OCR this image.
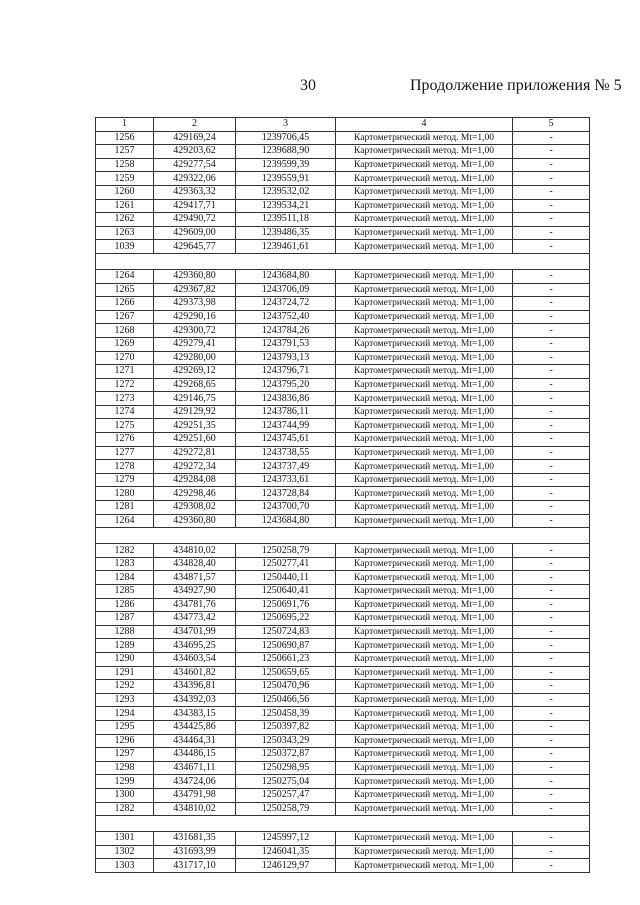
30	Продолжение приложения № 5
1	2	3	4	5
1256	429169,24	1239706,45	Картометрический метод. Mt=1,00	-
1257	429203,62	1239688,90	Картометрический метод. Mt=1,00	-
1258	429277,54	1239599,39	Картометрический метод. Mt=1,00	-
1259	429322,06	1239559,91	Картометрический метод. Mt=1,00	-
1260	429363,32	1239532,02	Картометрический метод. Mt=1,00	-
1261	429417,71	1239534,21	Картометрический метод. Mt=1,00	-
1262	429490,72	1239511,18	Картометрический метод. Mt=1,00	-
1263	429609,00	1239486,35	Картометрический метод. Mt=1,00	-
1039	429645,77	1239461,61	Картометрический метод. Mt=1,00	-

1264	429360,80	1243684,80	Картометрический метод. Mt=1,00	-
1265	429367,82	1243706,09	Картометрический метод. Mt=1,00	-
1266	429373,98	1243724,72	Картометрический метод. Mt=1,00	-
1267	429290,16	1243752,40	Картометрический метод. Mt=1,00	-
1268	429300,72	1243784,26	Картометрический метод. Mt=1,00	-
1269	429279,41	1243791,53	Картометрический метод. Mt=1,00	-
1270	429280,00	1243793,13	Картометрический метод. Mt=1,00	-
1271	429269,12	1243796,71	Картометрический метод. Mt=1,00	-
1272	429268,65	1243795,20	Картометрический метод. Mt=1,00	-
1273	429146,75	1243836,86	Картометрический метод. Mt=1,00	-
1274	429129,92	1243786,11	Картометрический метод. Mt=1,00	-
1275	429251,35	1243744,99	Картометрический метод. Mt=1,00	-
1276	429251,60	1243745,61	Картометрический метод. Mt=1,00	-
1277	429272,81	1243738,55	Картометрический метод. Mt=1,00	-
1278	429272,34	1243737,49	Картометрический метод. Mt=1,00	-
1279	429284,08	1243733,61	Картометрический метод. Mt=1,00	-
1280	429298,46	1243728,84	Картометрический метод. Mt=1,00	-
1281	429308,02	1243700,70	Картометрический метод. Mt=1,00	-
1264	429360,80	1243684,80	Картометрический метод. Mt=1,00	-

1282	434810,02	1250258,79	Картометрический метод. Mt=1,00	-
1283	434828,40	1250277,41	Картометрический метод. Mt=1,00	-
1284	434871,57	1250440,11	Картометрический метод. Mt=1,00	-
1285	434927,90	1250640,41	Картометрический метод. Mt=1,00	-
1286	434781,76	1250691,76	Картометрический метод. Mt=1,00	-
1287	434773,42	1250695,22	Картометрический метод. Mt=1,00	-
1288	434701,99	1250724,83	Картометрический метод. Mt=1,00	-
1289	434695,25	1250690,87	Картометрический метод. Mt=1,00	-
1290	434603,54	1250661,23	Картометрический метод. Mt=1,00	-
1291	434601,82	1250659,65	Картометрический метод. Mt=1,00	-
1292	434396,81	1250470,96	Картометрический метод. Mt=1,00	-
1293	434392,03	1250466,56	Картометрический метод. Mt=1,00	-
1294	434383,15	1250458,39	Картометрический метод. Mt=1,00	-
1295	434425,86	1250397,82	Картометрический метод. Mt=1,00	-
1296	434464,31	1250343,29	Картометрический метод. Mt=1,00	-
1297	434486,15	1250372,87	Картометрический метод. Mt=1,00	-
1298	434671,11	1250298,95	Картометрический метод. Mt=1,00	-
1299	434724,06	1250275,04	Картометрический метод. Mt=1,00	-
1300	434791,98	1250257,47	Картометрический метод. Mt=1,00	-
1282	434810,02	1250258,79	Картометрический метод. Mt=1,00	-

1301	431681,35	1245997,12	Картометрический метод. Mt=1,00	-
1302	431693,99	1246041,35	Картометрический метод. Mt=1,00	-
1303	431717,10	1246129,97	Картометрический метод. Mt=1,00	-
